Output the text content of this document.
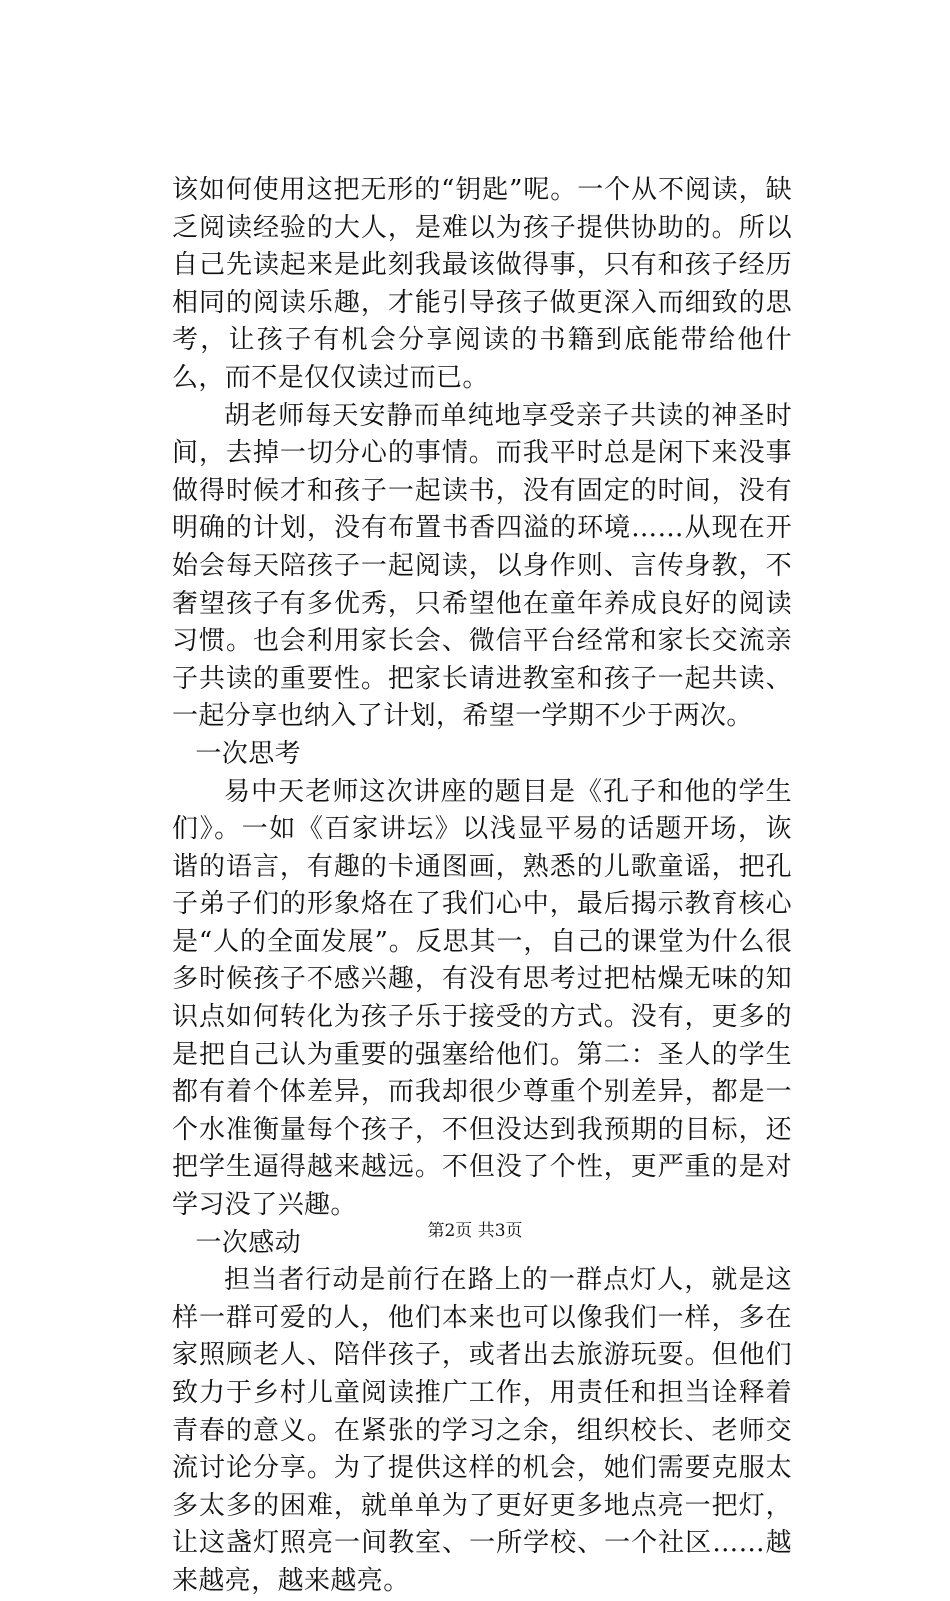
该如何使用这把无形的“钥匙”呢。一个从不阅读，缺乏阅读经验的大人，是难以为孩子提供协助的。所以自己先读起来是此刻我最该做得事，只有和孩子经历相同的阅读乐趣，才能引导孩子做更深入而细致的思考，让孩子有机会分享阅读的书籍到底能带给他什么，而不是仅仅读过而已。

胡老师每天安静而单纯地享受亲子共读的神圣时间，去掉一切分心的事情。而我平时总是闲下来没事做得时候才和孩子一起读书，没有固定的时间，没有明确的计划，没有布置书香四溢的环境……从现在开始会每天陪孩子一起阅读，以身作则、言传身教，不奢望孩子有多优秀，只希望他在童年养成良好的阅读习惯。也会利用家长会、微信平台经常和家长交流亲子共读的重要性。把家长请进教室和孩子一起共读、一起分享也纳入了计划，希望一学期不少于两次。

一次思考

易中天老师这次讲座的题目是《孔子和他的学生们》。一如《百家讲坛》以浅显平易的话题开场，诙谐的语言，有趣的卡通图画，熟悉的儿歌童谣，把孔子弟子们的形象烙在了我们心中，最后揭示教育核心是“人的全面发展”。反思其一，自己的课堂为什么很多时候孩子不感兴趣，有没有思考过把枯燥无味的知识点如何转化为孩子乐于接受的方式。没有，更多的是把自己认为重要的强塞给他们。第二：圣人的学生都有着个体差异，而我却很少尊重个别差异，都是一个水准衡量每个孩子，不但没达到我预期的目标，还把学生逼得越来越远。不但没了个性，更严重的是对学习没了兴趣。

一次感动

担当者行动是前行在路上的一群点灯人，就是这样一群可爱的人，他们本来也可以像我们一样，多在家照顾老人、陪伴孩子，或者出去旅游玩耍。但他们致力于乡村儿童阅读推广工作，用责任和担当诠释着青春的意义。在紧张的学习之余，组织校长、老师交流讨论分享。为了提供这样的机会，她们需要克服太多太多的困难，就单单为了更好更多地点亮一把灯，让这盏灯照亮一间教室、一所学校、一个社区……越来越亮，越来越亮。

第2页 共3页
